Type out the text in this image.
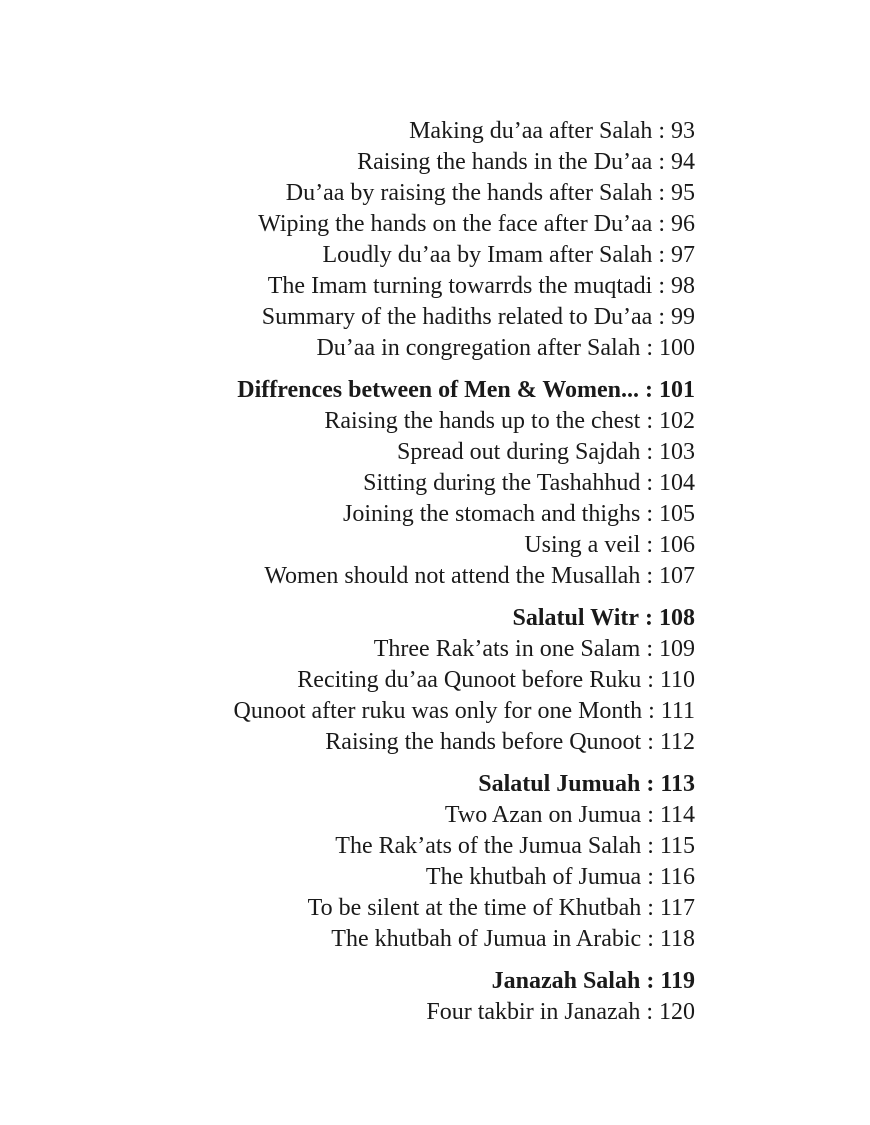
Making du’aa after Salah : 93
Raising the hands in the Du’aa : 94
Du’aa by raising the hands after Salah : 95
Wiping the hands on the face after Du’aa : 96
Loudly du’aa by Imam after Salah : 97
The Imam turning towarrds the muqtadi : 98
Summary of the hadiths related to Du’aa : 99
Du’aa in congregation after Salah : 100
Diffrences between of Men & Women... : 101
Raising the hands up to the chest : 102
Spread out during Sajdah : 103
Sitting during the Tashahhud : 104
Joining the stomach and thighs : 105
Using a veil : 106
Women should not attend the Musallah : 107
Salatul Witr : 108
Three Rak’ats in one Salam : 109
Reciting du’aa Qunoot before Ruku : 110
Qunoot after ruku was only for one Month : 111
Raising the hands before Qunoot : 112
Salatul Jumuah : 113
Two Azan on Jumua : 114
The Rak’ats of the Jumua Salah : 115
The khutbah of Jumua : 116
To be silent at the time of Khutbah : 117
The khutbah of Jumua in Arabic : 118
Janazah Salah : 119
Four takbir in Janazah : 120
